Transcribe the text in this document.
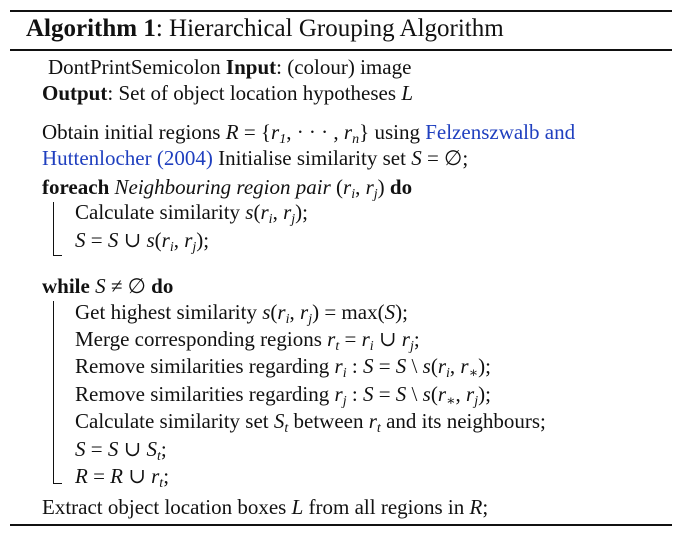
Algorithm 1: Hierarchical Grouping Algorithm
DontPrintSemicolon Input: (colour) image
Output: Set of object location hypotheses L
Obtain initial regions $R = \{r_1$, · · · , $r_n$} using Felzenszwalb and
Huttenlocher (2004) Initialise similarity set S = ∅;
foreach Neighbouring region pair ($r_i$, $r_j$) do
Calculate similarity $s(r_i$, $r_j$);
S = S ∪ $s(r_i$, $r_j$);
while S ≠ ∅ do
Get highest similarity $s(r_i$, $r_j) = \max(S)$;
Merge corresponding regions $r_t = r_i$ ∪ $r_j$;
Remove similarities regarding $r_i$ : S = S \ $s(r_i$, $r_∗$);
Remove similarities regarding $r_j$ : S = S \ $s(r_∗$, $r_j$);
Calculate similarity set $S_t$ between $r_t$ and its neighbours;
S = S ∪ $S_t$;
R = R ∪ $r_t$;
Extract object location boxes L from all regions in R;
